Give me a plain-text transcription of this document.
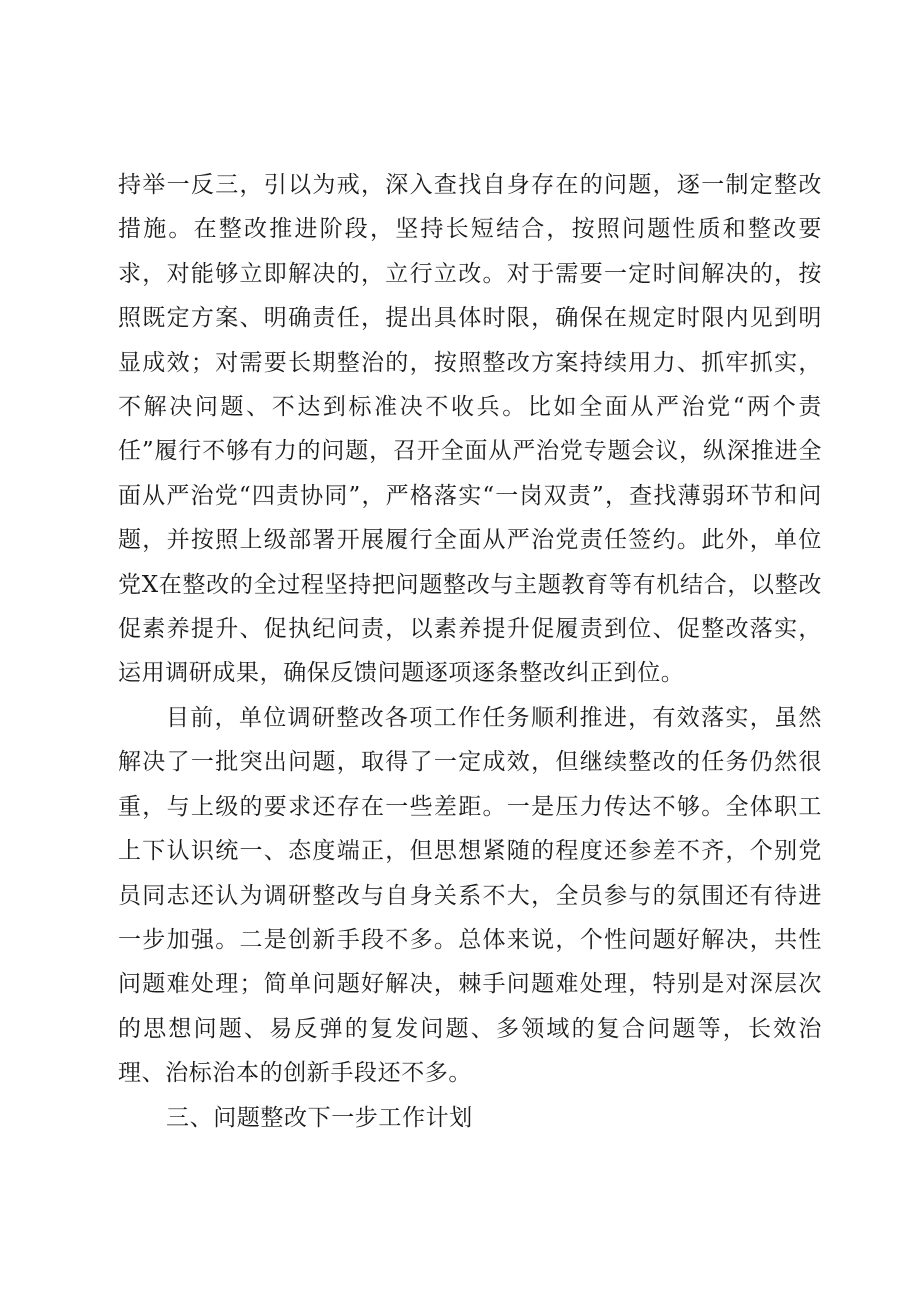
持举一反三，引以为戒，深入查找自身存在的问题，逐一制定整改措施。在整改推进阶段，坚持长短结合，按照问题性质和整改要求，对能够立即解决的，立行立改。对于需要一定时间解决的，按照既定方案、明确责任，提出具体时限，确保在规定时限内见到明显成效；对需要长期整治的，按照整改方案持续用力、抓牢抓实，不解决问题、不达到标准决不收兵。比如全面从严治党“两个责任”履行不够有力的问题，召开全面从严治党专题会议，纵深推进全面从严治党“四责协同”，严格落实“一岗双责”，查找薄弱环节和问题，并按照上级部署开展履行全面从严治党责任签约。此外，单位党X在整改的全过程坚持把问题整改与主题教育等有机结合，以整改促素养提升、促执纪问责，以素养提升促履责到位、促整改落实，运用调研成果，确保反馈问题逐项逐条整改纠正到位。

目前，单位调研整改各项工作任务顺利推进，有效落实，虽然解决了一批突出问题，取得了一定成效，但继续整改的任务仍然很重，与上级的要求还存在一些差距。一是压力传达不够。全体职工上下认识统一、态度端正，但思想紧随的程度还参差不齐，个别党员同志还认为调研整改与自身关系不大，全员参与的氛围还有待进一步加强。二是创新手段不多。总体来说，个性问题好解决，共性问题难处理；简单问题好解决，棘手问题难处理，特别是对深层次的思想问题、易反弹的复发问题、多领域的复合问题等，长效治理、治标治本的创新手段还不多。

三、问题整改下一步工作计划
